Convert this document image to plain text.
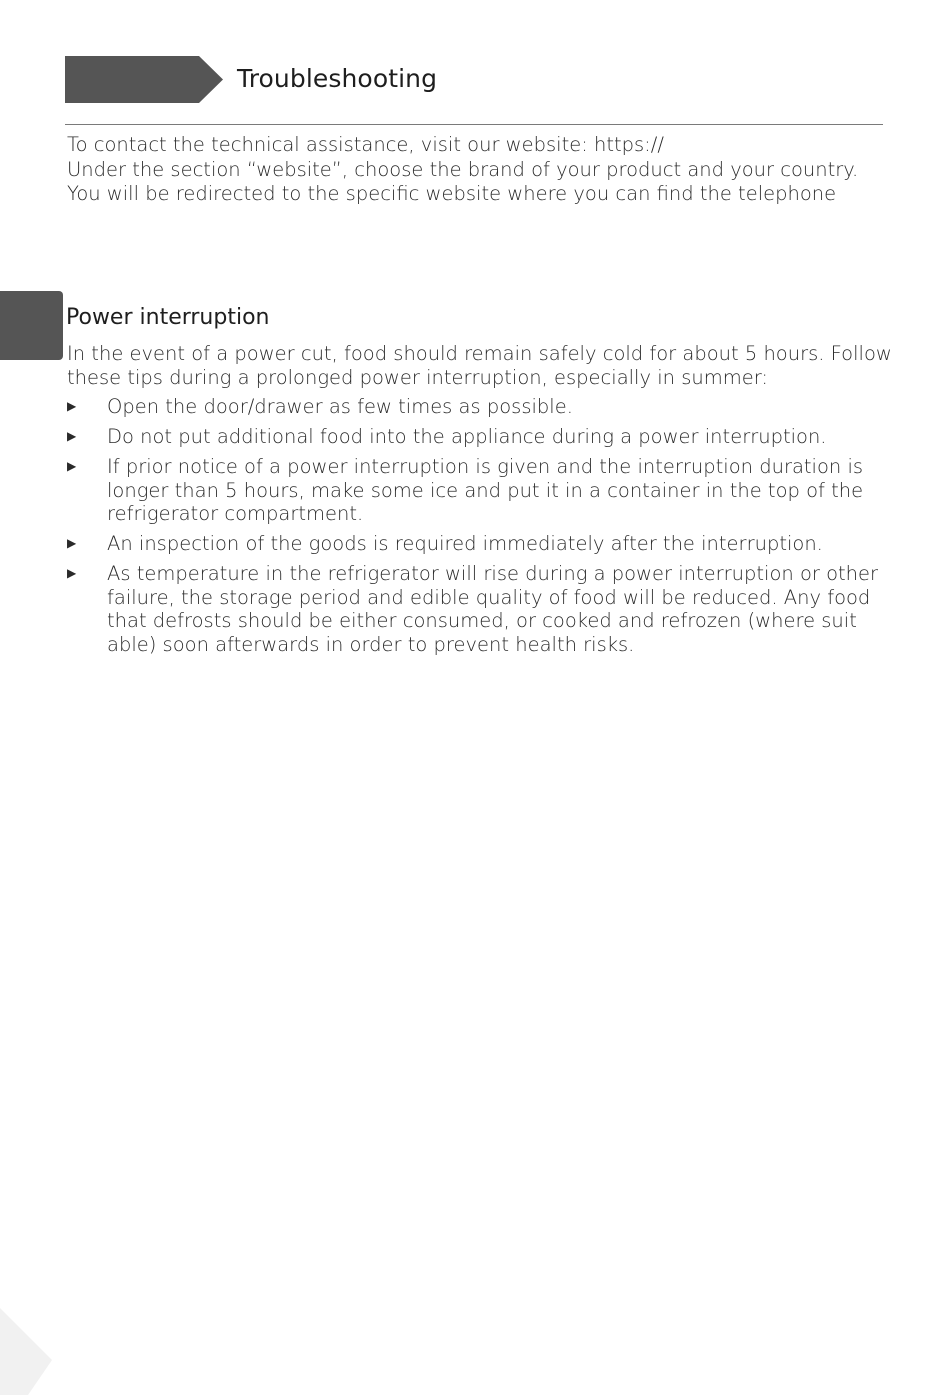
Troubleshooting
To contact the technical assistance, visit our website: https://
Under the section “website”, choose the brand of your product and your country.
You will be redirected to the specific website where you can find the telephone
Power interruption
In the event of a power cut, food should remain safely cold for about 5 hours. Follow
these tips during a prolonged power interruption, especially in summer:
▶ Open the door/drawer as few times as possible.
▶ Do not put additional food into the appliance during a power interruption.
▶ If prior notice of a power interruption is given and the interruption duration is
longer than 5 hours, make some ice and put it in a container in the top of the
refrigerator compartment.
▶ An inspection of the goods is required immediately after the interruption.
▶ As temperature in the refrigerator will rise during a power interruption or other
failure, the storage period and edible quality of food will be reduced. Any food
that defrosts should be either consumed, or cooked and refrozen (where suit
able) soon afterwards in order to prevent health risks.
